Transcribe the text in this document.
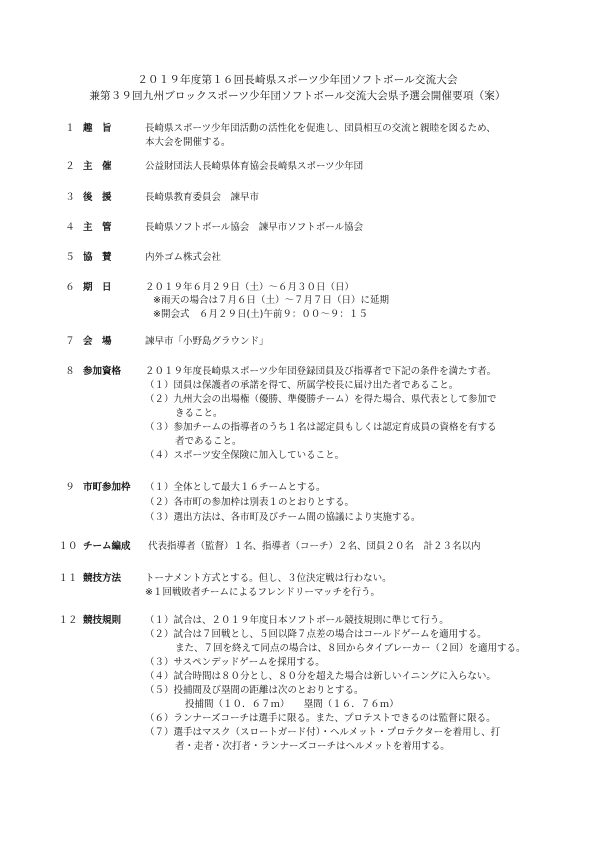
２０１９年度第１６回長崎県スポーツ少年団ソフトボール交流大会
兼第３９回九州ブロックスポーツ少年団ソフトボール交流大会県予選会開催要項（案）
１ 趣　旨	長崎県スポーツ少年団活動の活性化を促進し、団員相互の交流と親睦を図るため、
本大会を開催する。
２ 主　催	公益財団法人長崎県体育協会長崎県スポーツ少年団
３ 後　援	長崎県教育委員会　諫早市
４ 主　管	長崎県ソフトボール協会　諫早市ソフトボール協会
５ 協　賛	内外ゴム株式会社
６ 期　日	２０１９年６月２９日（土）～６月３０日（日）
※雨天の場合は７月６日（土）～７月７日（日）に延期
※開会式　６月２９日(土)午前９：００～９：１５
７ 会　場	諫早市「小野島グラウンド」
８ 参加資格	２０１９年度長崎県スポーツ少年団登録団員及び指導者で下記の条件を満たす者。
（１）団員は保護者の承諾を得て、所属学校長に届け出た者であること。
（２）九州大会の出場権（優勝、準優勝チーム）を得た場合、県代表として参加で
きること。
（３）参加チームの指導者のうち１名は認定員もしくは認定育成員の資格を有する
者であること。
（４）スポーツ安全保険に加入していること。
９ 市町参加枠	（１）全体として最大１６チームとする。
（２）各市町の参加枠は別表１のとおりとする。
（３）選出方法は、各市町及びチーム間の協議により実施する。
１０ チーム編成	代表指導者（監督）１名、指導者（コーチ）２名、団員２０名　計２３名以内
１１ 競技方法	トーナメント方式とする。但し、３位決定戦は行わない。
※１回戦敗者チームによるフレンドリーマッチを行う。
１２ 競技規則	（１）試合は、２０１９年度日本ソフトボール競技規則に準じて行う。
（２）試合は７回戦とし、５回以降７点差の場合はコールドゲームを適用する。
また、７回を終えて同点の場合は、８回からタイブレーカー（２回）を適用する。
（３）サスペンデッドゲームを採用する。
（４）試合時間は８０分とし、８０分を超えた場合は新しいイニングに入らない。
（５）投捕間及び塁間の距離は次のとおりとする。
投捕間（１０．６７ｍ）　　塁間（１６．７６ｍ）
（６）ランナーズコーチは選手に限る。また、プロテストできるのは監督に限る。
（７）選手はマスク（スロートガード付）・ヘルメット・プロテクターを着用し、打
者・走者・次打者・ランナーズコーチはヘルメットを着用する。
